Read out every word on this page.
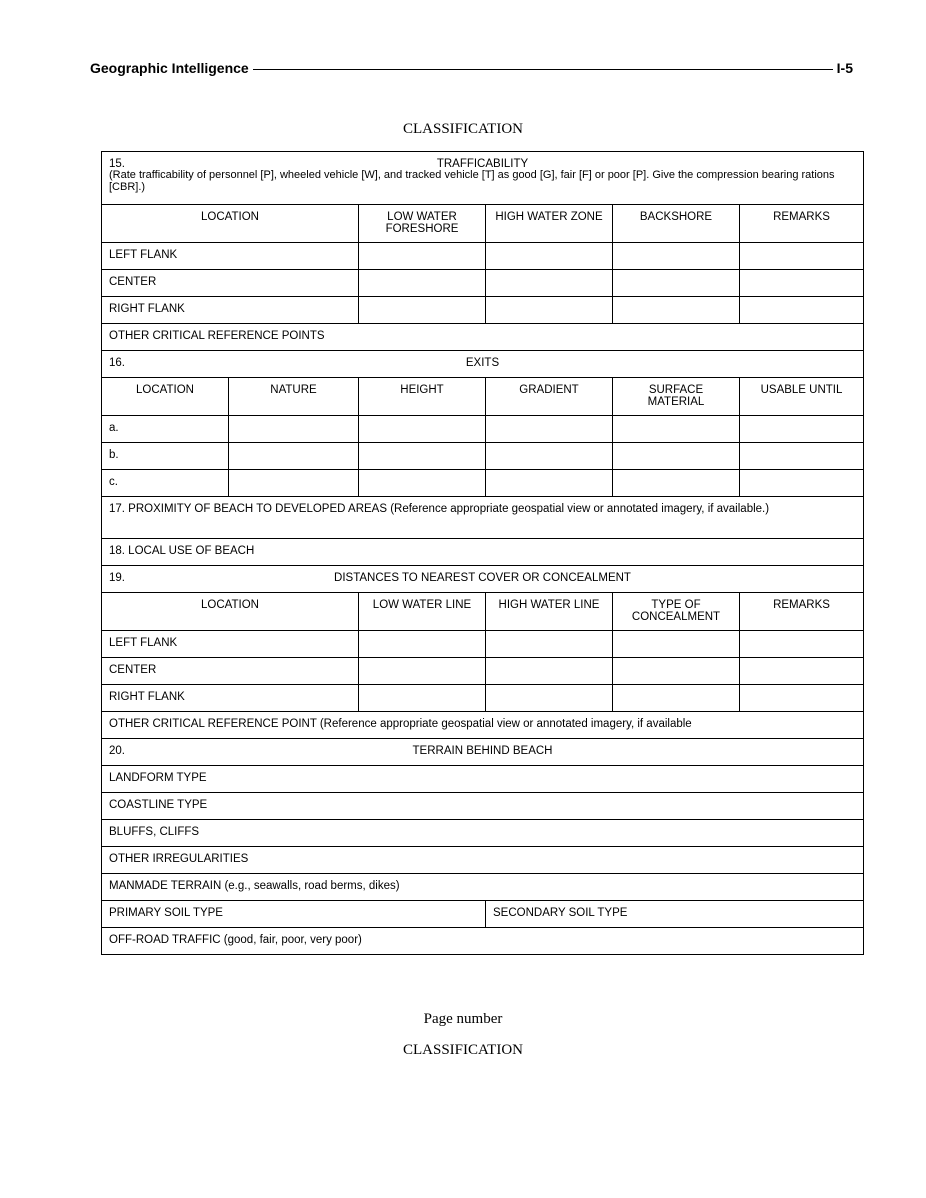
Geographic Intelligence	I-5
CLASSIFICATION
15. TRAFFICABILITY
(Rate trafficability of personnel [P], wheeled vehicle [W], and tracked vehicle [T] as good [G], fair [F] or poor [P]. Give the compression bearing rations [CBR].)					

LOCATION		LOW WATER FORESHORE	HIGH WATER ZONE	BACKSHORE	REMARKS
LEFT FLANK					
CENTER					
RIGHT FLANK					
OTHER CRITICAL REFERENCE POINTS					

16. EXITS					

LOCATION	NATURE	HEIGHT	GRADIENT	SURFACE MATERIAL	USABLE UNTIL
a.					
b.					
c.					
17. PROXIMITY OF BEACH TO DEVELOPED AREAS (Reference appropriate geospatial view or annotated imagery, if available.)					
18. LOCAL USE OF BEACH					

19. DISTANCES TO NEAREST COVER OR CONCEALMENT					

LOCATION		LOW WATER LINE	HIGH WATER LINE	TYPE OF CONCEALMENT	REMARKS
LEFT FLANK					
CENTER					
RIGHT FLANK					
OTHER CRITICAL REFERENCE POINT (Reference appropriate geospatial view or annotated imagery, if available					

20. TERRAIN BEHIND BEACH					

LANDFORM TYPE					
COASTLINE TYPE					
BLUFFS, CLIFFS					
OTHER IRREGULARITIES					
MANMADE TERRAIN (e.g., seawalls, road berms, dikes)					
PRIMARY SOIL TYPE			SECONDARY SOIL TYPE		
OFF-ROAD TRAFFIC (good, fair, poor, very poor)					
Page number
CLASSIFICATION
